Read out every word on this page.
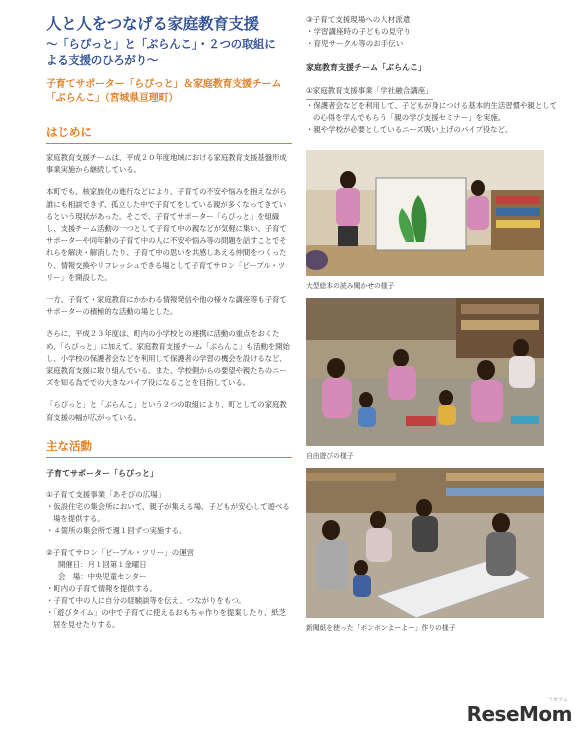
人と人をつなげる家庭教育支援
～「らぴっと」と「ぶらんこ」・２つの取組に
よる支援のひろがり～
子育てサポーター「らぴっと」＆家庭教育支援チーム
「ぶらんこ」（宮城県亘理町）
はじめに
家庭教育支援チームは、平成２０年度地域における家庭教育支援基盤形成事業実施から継続している。
本町でも、核家族化の進行などにより、子育ての不安や悩みを抱えながら誰にも相談できず、孤立した中で子育てをしている親が多くなってきているという現状があった。そこで、子育てサポーター「らぴっと」を組織し、支援チーム活動の一つとして子育て中の親などが気軽に集い、子育てサポーターや同年齢の子育て中の人に不安や悩み等の問題を話すことでそれらを解決・解消したり、子育て中の思いを共感しあえる仲間をつくったり、情報交換やリフレッシュできる場として子育てサロン「ピープル・ツリー」を開設した。
一方、子育て・家庭教育にかかわる情報発信や他の様々な講座等も子育てサポーターの積極的な活動の場とした。
さらに、平成２３年度は、町内の小学校との連携に活動の重点をおくため、「らぴっと」に加えて、家庭教育支援チーム「ぶらんこ」も活動を開始し、小学校の保護者会などを利用して保護者の学習の機会を設けるなど、家庭教育支援に取り組んでいる。また、学校側からの要望や親たちのニーズを知る為ででの大きなパイプ役になることを目指している。
「らぴっと」と「ぶらんこ」という２つの取組により、町としての家庭教育支援の幅が広がっている。
主な活動
子育てサポーター「らぴっと」
①子育て支援事業「あそびの広場」
・仮設住宅の集会所において、親子が集える場、子どもが安心して遊べる場を提供する。
・４箇所の集会所で週１回ずつ実施する。
②子育てサロン「ピープル・ツリー」の運営
開催日：月１回第１金曜日
会　場：中央児童センター
・町内の子育て情報を提供する。
・子育て中の人に自分の経験談等を伝え、つながりをもつ。
・「遊びタイム」の中で子育てに使えるおもちゃ作りを提案したり、紙芝居を見せたりする。
③子育て支援現場への人材派遣
・学習講座時の子どもの見守り
・育児サークル等のお手伝い
家庭教育支援チーム「ぶらんこ」
①家庭教育支援事業「学社融合講座」
・保護者会などを利用して、子どもが身につける基本的生活習慣や親としての心得を学んでもらう「親の学び支援セミナー」を実施。
・親や学校が必要としているニーズ吸い上げのパイプ役など。
大型絵本の読み聞かせの様子
自由遊びの様子
新聞紙を使った「ボンボンよーよー」作りの様子
リセマム
ReseMom
